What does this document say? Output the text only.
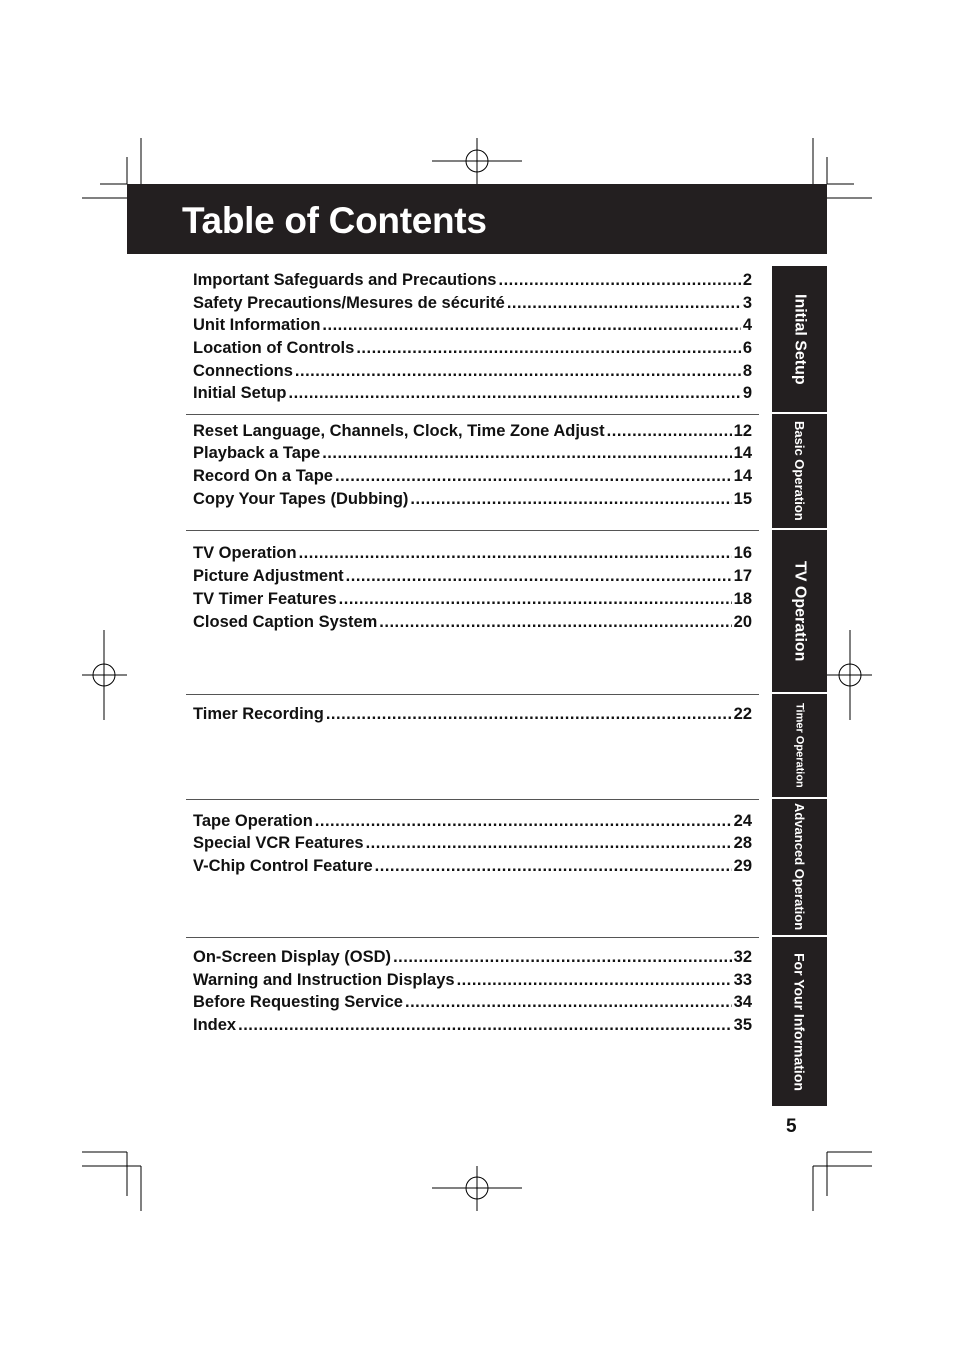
Table of Contents
Important Safeguards and Precautions .....	2
Safety Precautions/Mesures de sécurité .....	3
Unit Information .....	4
Location of Controls .....	6
Connections .....	8
Initial Setup .....	9
Reset Language, Channels, Clock, Time Zone Adjust .....	12
Playback a Tape .....	14
Record On a Tape .....	14
Copy Your Tapes (Dubbing) .....	15
TV Operation .....	16
Picture Adjustment .....	17
TV Timer Features .....	18
Closed Caption System .....	20
Timer Recording .....	22
Tape Operation .....	24
Special VCR Features .....	28
V-Chip Control Feature .....	29
On-Screen Display (OSD) .....	32
Warning and Instruction Displays .....	33
Before Requesting Service .....	34
Index .....	35
Initial Setup
Basic Operation
TV Operation
Timer Operation
Advanced Operation
For Your Information
5
